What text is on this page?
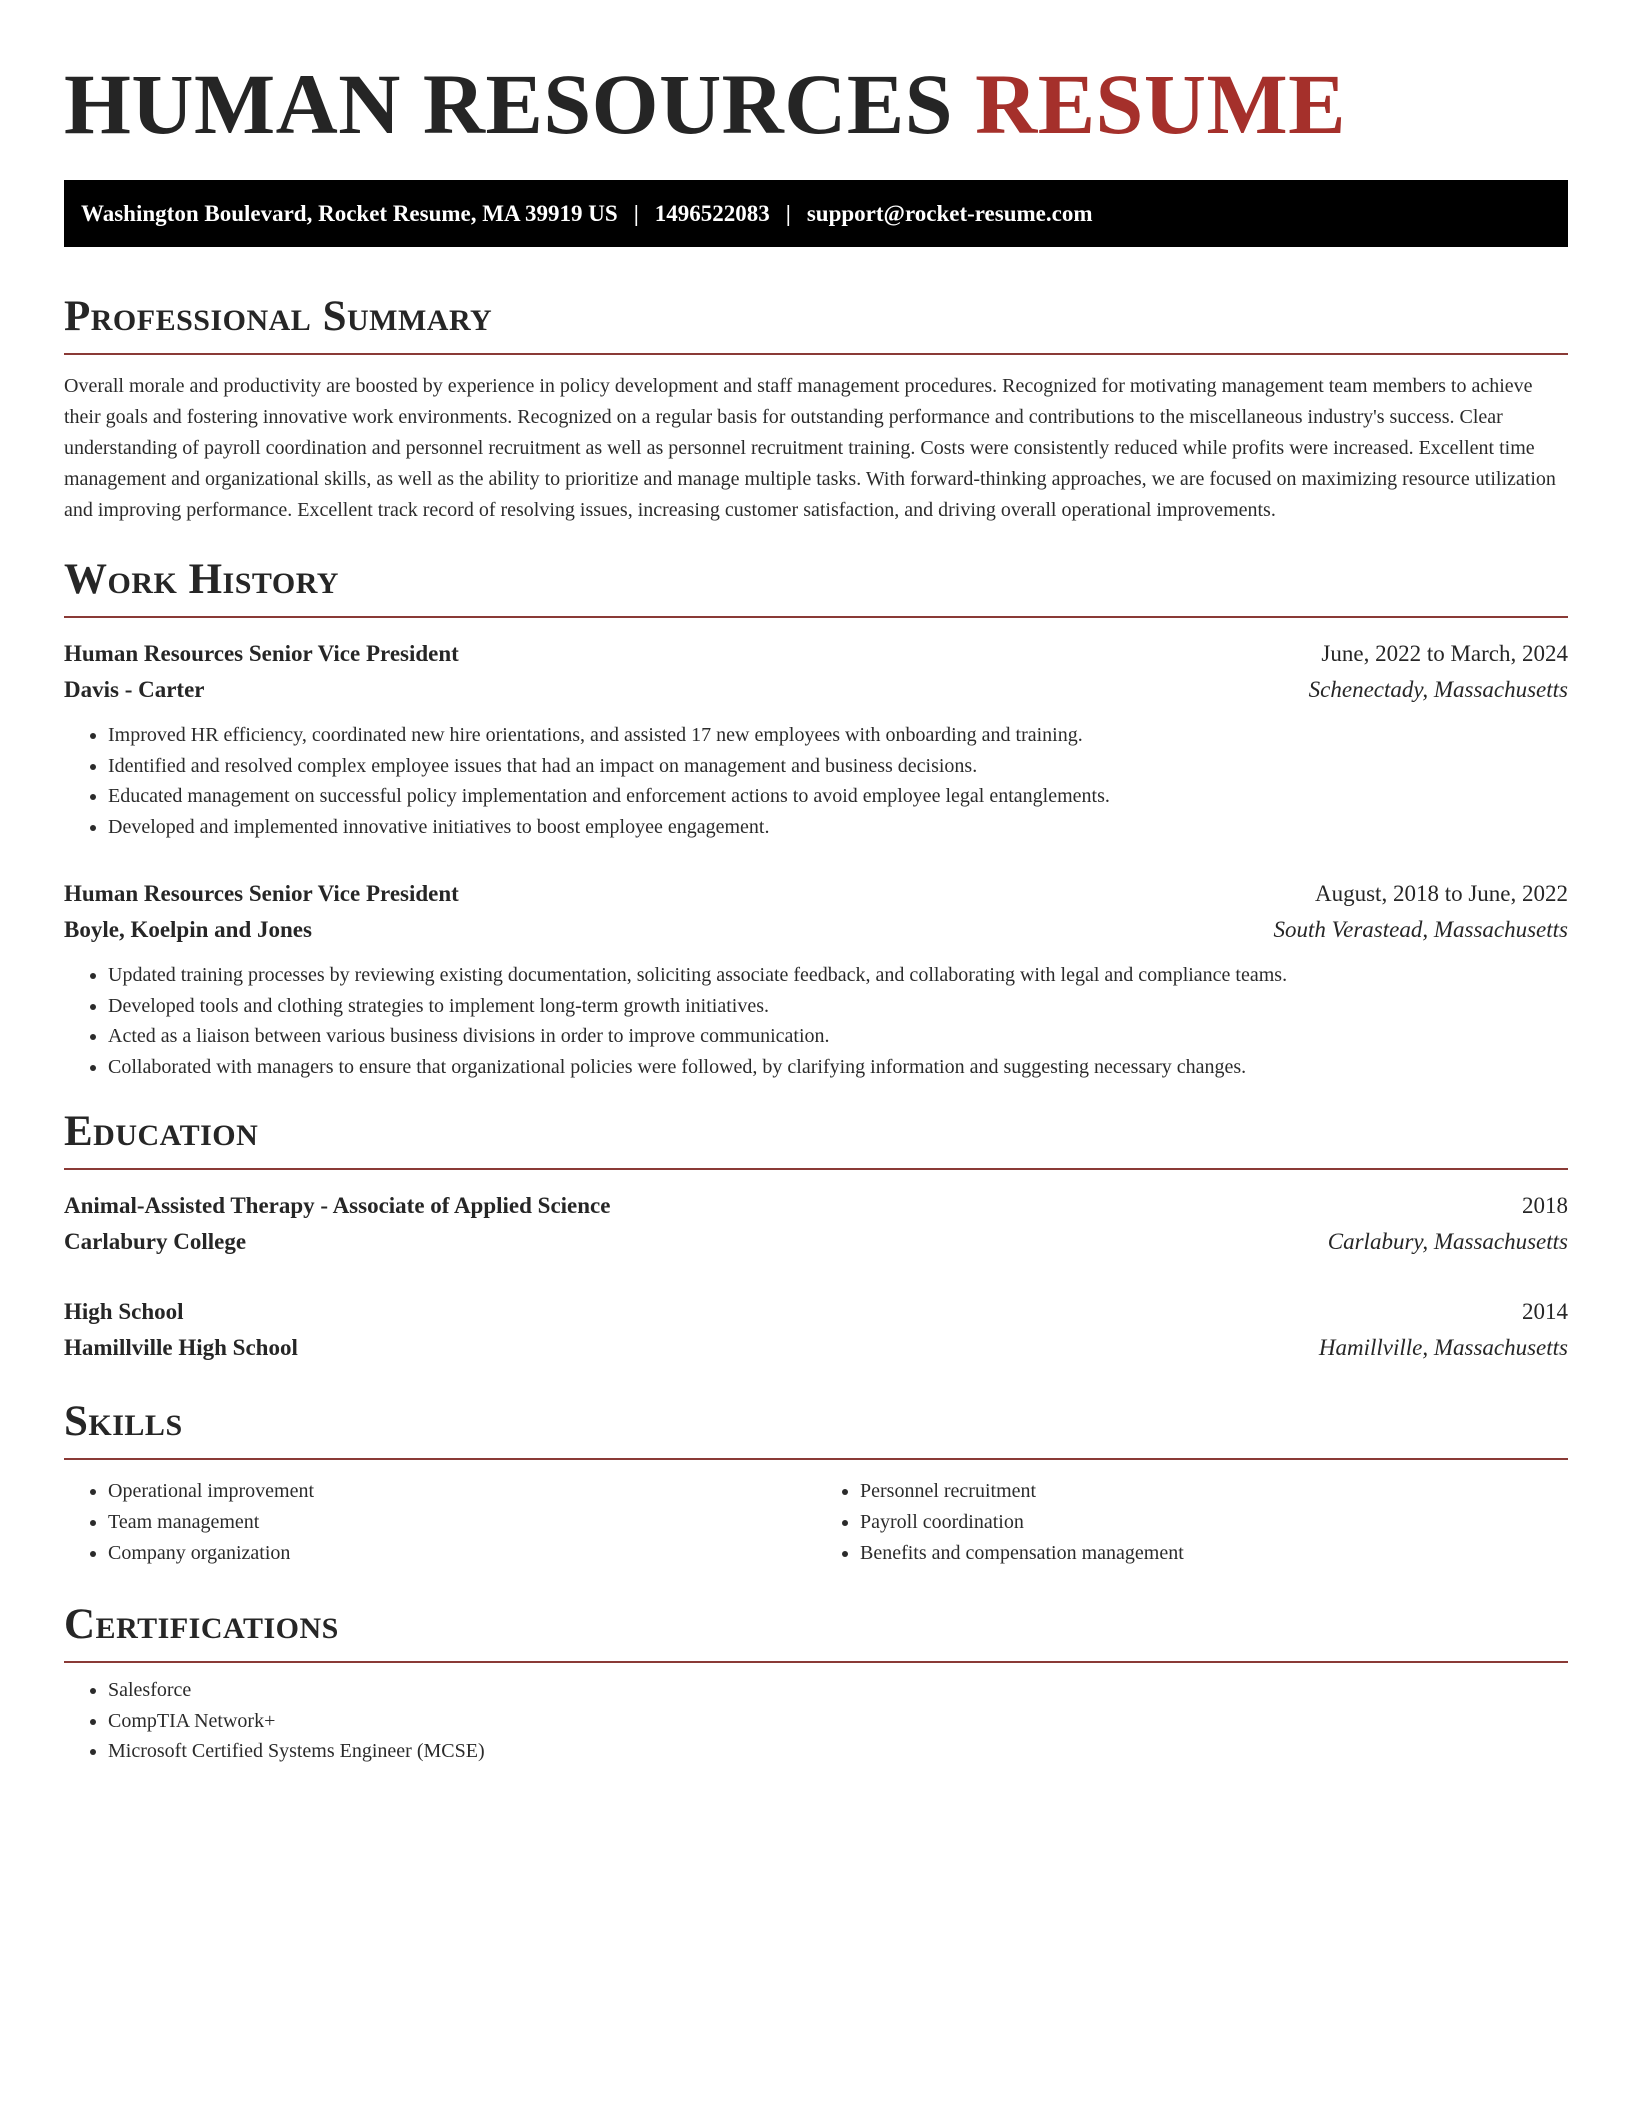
HUMAN RESOURCES RESUME
Washington Boulevard, Rocket Resume, MA 39919 US | 1496522083 | support@rocket-resume.com
Professional Summary

Overall morale and productivity are boosted by experience in policy development and staff management procedures. Recognized for motivating management team members to achieve their goals and fostering innovative work environments. Recognized on a regular basis for outstanding performance and contributions to the miscellaneous industry's success. Clear understanding of payroll coordination and personnel recruitment as well as personnel recruitment training. Costs were consistently reduced while profits were increased. Excellent time management and organizational skills, as well as the ability to prioritize and manage multiple tasks. With forward-thinking approaches, we are focused on maximizing resource utilization and improving performance. Excellent track record of resolving issues, increasing customer satisfaction, and driving overall operational improvements.

Work History
Human Resources Senior Vice President	June, 2022 to March, 2024
Davis - Carter	Schenectady, Massachusetts
• Improved HR efficiency, coordinated new hire orientations, and assisted 17 new employees with onboarding and training.
• Identified and resolved complex employee issues that had an impact on management and business decisions.
• Educated management on successful policy implementation and enforcement actions to avoid employee legal entanglements.
• Developed and implemented innovative initiatives to boost employee engagement.
Human Resources Senior Vice President	August, 2018 to June, 2022
Boyle, Koelpin and Jones	South Verastead, Massachusetts
• Updated training processes by reviewing existing documentation, soliciting associate feedback, and collaborating with legal and compliance teams.
• Developed tools and clothing strategies to implement long-term growth initiatives.
• Acted as a liaison between various business divisions in order to improve communication.
• Collaborated with managers to ensure that organizational policies were followed, by clarifying information and suggesting necessary changes.
Education
Animal-Assisted Therapy - Associate of Applied Science	2018
Carlabury College	Carlabury, Massachusetts
High School	2014
Hamillville High School	Hamillville, Massachusetts
Skills
• Operational improvement
• Team management
• Company organization
• Personnel recruitment
• Payroll coordination
• Benefits and compensation management
Certifications
• Salesforce
• CompTIA Network+
• Microsoft Certified Systems Engineer (MCSE)
